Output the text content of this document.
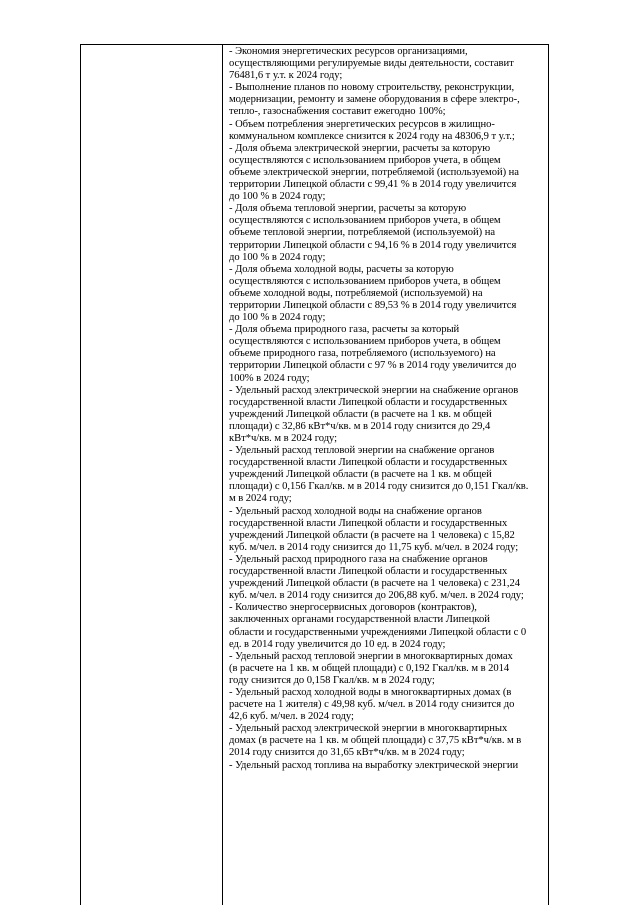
- Экономия энергетических ресурсов организациями,
осуществляющими регулируемые виды деятельности, составит
76481,6 т у.т. к 2024 году;

- Выполнение планов по новому строительству, реконструкции,
модернизации, ремонту и замене оборудования в сфере электро-,
тепло-, газоснабжения составит ежегодно 100%;

- Объем потребления энергетических ресурсов в жилищно-
коммунальном комплексе снизится к 2024 году на 48306,9 т у.т.;

- Доля объема электрической энергии, расчеты за которую
осуществляются с использованием приборов учета, в общем
объеме электрической энергии, потребляемой (используемой) на
территории Липецкой области с 99,41 % в 2014 году увеличится
до 100 % в 2024 году;

- Доля объема тепловой энергии, расчеты за которую
осуществляются с использованием приборов учета, в общем
объеме тепловой энергии, потребляемой (используемой) на
территории Липецкой области с 94,16 % в 2014 году увеличится
до 100 % в 2024 году;

- Доля объема холодной воды, расчеты за которую
осуществляются с использованием приборов учета, в общем
объеме холодной воды, потребляемой (используемой) на
территории Липецкой области с 89,53 % в 2014 году увеличится
до 100 % в 2024 году;

- Доля объема природного газа, расчеты за который
осуществляются с использованием приборов учета, в общем
объеме природного газа, потребляемого (используемого) на
территории Липецкой области с 97 % в 2014 году увеличится до
100% в 2024 году;

- Удельный расход электрической энергии на снабжение органов
государственной власти Липецкой области и государственных
учреждений Липецкой области (в расчете на 1 кв. м общей
площади) с 32,86 кВт*ч/кв. м в 2014 году снизится до 29,4
кВт*ч/кв. м в 2024 году;

- Удельный расход тепловой энергии на снабжение органов
государственной власти Липецкой области и государственных
учреждений Липецкой области (в расчете на 1 кв. м общей
площади) с 0,156 Гкал/кв. м в 2014 году снизится до 0,151 Гкал/кв.
м в 2024 году;

- Удельный расход холодной воды на снабжение органов
государственной власти Липецкой области и государственных
учреждений Липецкой области (в расчете на 1 человека) с 15,82
куб. м/чел. в 2014 году снизится до 11,75 куб. м/чел. в 2024 году;

- Удельный расход природного газа на снабжение органов
государственной власти Липецкой области и государственных
учреждений Липецкой области (в расчете на 1 человека) с 231,24
куб. м/чел. в 2014 году снизится до 206,88 куб. м/чел. в 2024 году;

- Количество энергосервисных договоров (контрактов),
заключенных органами государственной власти Липецкой
области и государственными учреждениями Липецкой области с 0
ед. в 2014 году увеличится до 10 ед. в 2024 году;

- Удельный расход тепловой энергии в многоквартирных домах
(в расчете на 1 кв. м общей площади) с 0,192 Гкал/кв. м в 2014
году снизится до 0,158 Гкал/кв. м в 2024 году;

- Удельный расход холодной воды в многоквартирных домах (в
расчете на 1 жителя) с 49,98 куб. м/чел. в 2014 году снизится до
42,6 куб. м/чел. в 2024 году;

- Удельный расход электрической энергии в многоквартирных
домах (в расчете на 1 кв. м общей площади) с 37,75 кВт*ч/кв. м в
2014 году снизится до 31,65 кВт*ч/кв. м в 2024 году;

- Удельный расход топлива на выработку электрической энергии
